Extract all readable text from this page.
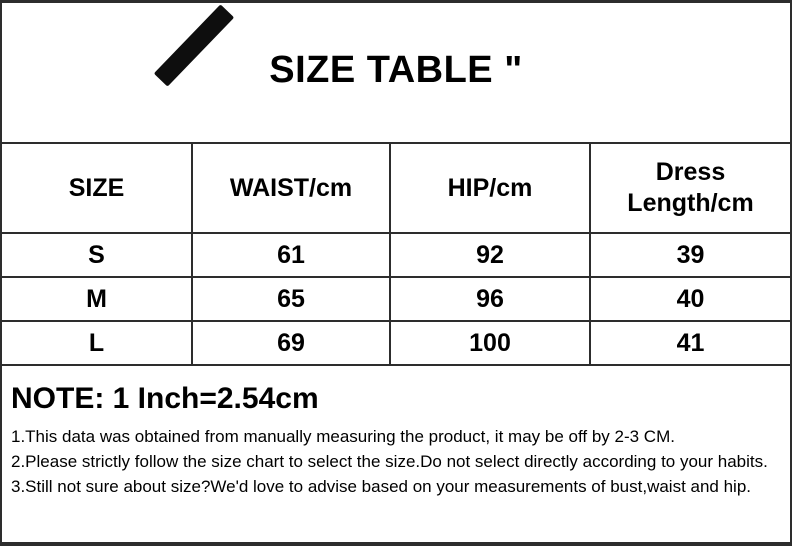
SIZE TABLE "
SIZE	WAIST/cm	HIP/cm	Dress Length/cm
S	61	92	39
M	65	96	40
L	69	100	41
NOTE: 1 Inch=2.54cm

1.This data was obtained from manually measuring the product, it may be off by 2-3 CM.

2.Please strictly follow the size chart to select the size.Do not select directly according to your habits.

3.Still not sure about size?We'd love to advise based on your measurements of bust,waist and hip.
